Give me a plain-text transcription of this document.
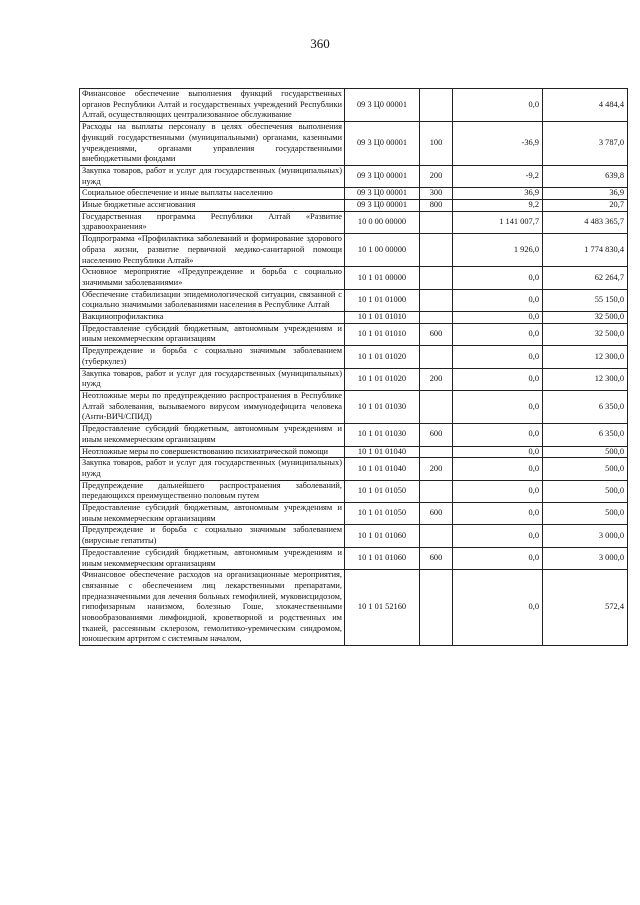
360
Финансовое обеспечение выполнения функций государственных органов Республики Алтай и государственных учреждений Республики Алтай, осуществляющих централизованное обслуживание	09 3 Ц0 00001		0,0	4 484,4
Расходы на выплаты персоналу в целях обеспечения выполнения функций государственными (муниципальными) органами, казенными учреждениями, органами управления государственными внебюджетными фондами	09 3 Ц0 00001	100	-36,9	3 787,0
Закупка товаров, работ и услуг для государственных (муниципальных) нужд	09 3 Ц0 00001	200	-9,2	639,8
Социальное обеспечение и иные выплаты населению	09 3 Ц0 00001	300	36,9	36,9
Иные бюджетные ассигнования	09 3 Ц0 00001	800	9,2	20,7
Государственная программа Республики Алтай «Развитие здравоохранения»	10 0 00 00000		1 141 007,7	4 483 365,7
Подпрограмма «Профилактика заболеваний и формирование здорового образа жизни, развитие первичной медико-санитарной помощи населению Республики Алтай»	10 1 00 00000		1 926,0	1 774 830,4
Основное мероприятие «Предупреждение и борьба с социально значимыми заболеваниями»	10 1 01 00000		0,0	62 264,7
Обеспечение стабилизации эпидемиологической ситуации, связанной с социально значимыми заболеваниями населения в Республике Алтай	10 1 01 01000		0,0	55 150,0
Вакцинопрофилактика	10 1 01 01010		0,0	32 500,0
Предоставление субсидий бюджетным, автономным учреждениям и иным некоммерческим организациям	10 1 01 01010	600	0,0	32 500,0
Предупреждение и борьба с социально значимым заболеванием (туберкулез)	10 1 01 01020		0,0	12 300,0
Закупка товаров, работ и услуг для государственных (муниципальных) нужд	10 1 01 01020	200	0,0	12 300,0
Неотложные меры по предупреждению распространения в Республике Алтай заболевания, вызываемого вирусом иммунодефицита человека (Анти-ВИЧ/СПИД)	10 1 01 01030		0,0	6 350,0
Предоставление субсидий бюджетным, автономным учреждениям и иным некоммерческим организациям	10 1 01 01030	600	0,0	6 350,0
Неотложные меры по совершенствованию психиатрической помощи	10 1 01 01040		0,0	500,0
Закупка товаров, работ и услуг для государственных (муниципальных) нужд	10 1 01 01040	200	0,0	500,0
Предупреждение дальнейшего распространения заболеваний, передающихся преимущественно половым путем	10 1 01 01050		0,0	500,0
Предоставление субсидий бюджетным, автономным учреждениям и иным некоммерческим организациям	10 1 01 01050	600	0,0	500,0
Предупреждение и борьба с социально значимым заболеванием (вирусные гепатиты)	10 1 01 01060		0,0	3 000,0
Предоставление субсидий бюджетным, автономным учреждениям и иным некоммерческим организациям	10 1 01 01060	600	0,0	3 000,0
Финансовое обеспечение расходов на организационные мероприятия, связанные с обеспечением лиц лекарственными препаратами, предназначенными для лечения больных гемофилией, муковисцидозом, гипофизарным нанизмом, болезнью Гоше, злокачественными новообразованиями лимфоидной, кроветворной и родственных им тканей, рассеянным склерозом, гемолитико-уремическим синдромом, юношеским артритом с системным началом,	10 1 01 52160		0,0	572,4
